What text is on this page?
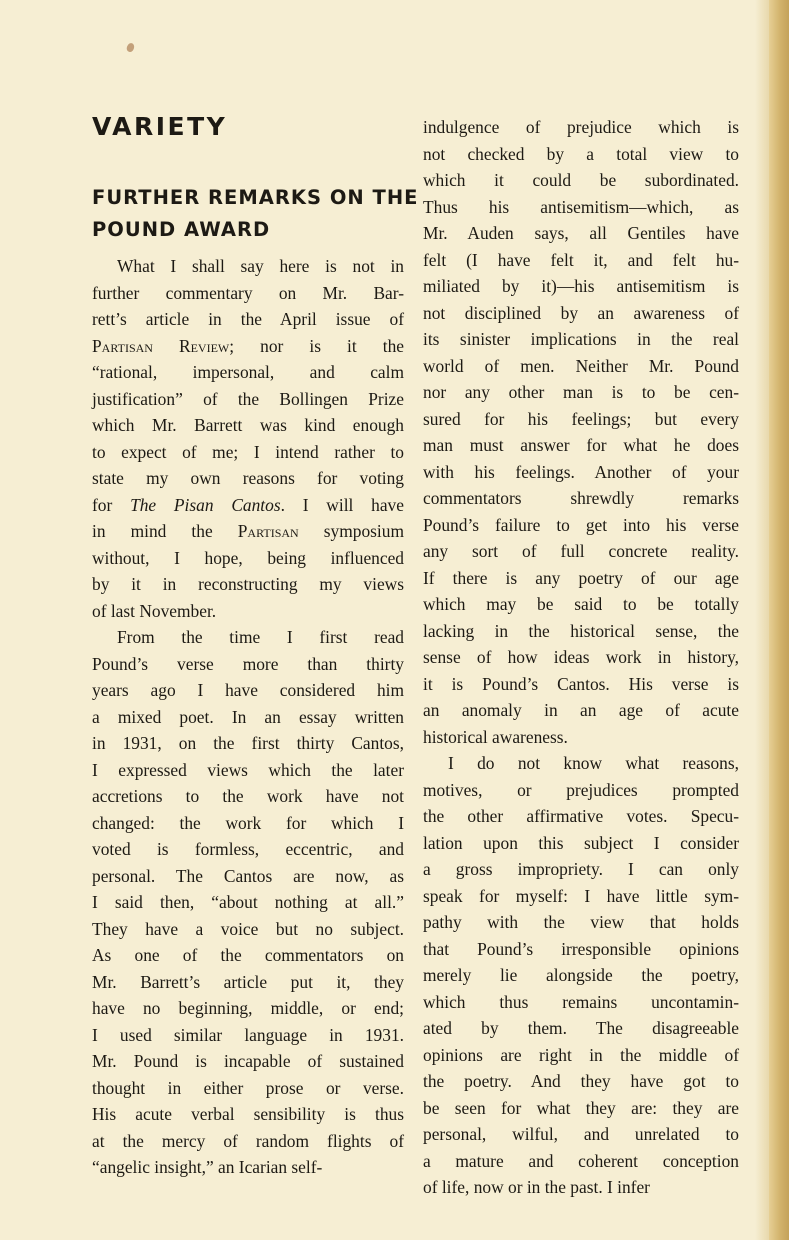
VARIETY
FURTHER REMARKS ON THE
POUND AWARD
What I shall say here is not in
further commentary on Mr. Bar-
rett’s article in the April issue of
Partisan Review; nor is it the
“rational, impersonal, and calm
justification” of the Bollingen Prize
which Mr. Barrett was kind enough
to expect of me; I intend rather to
state my own reasons for voting
for The Pisan Cantos. I will have
in mind the Partisan symposium
without, I hope, being influenced
by it in reconstructing my views
of last November.
From the time I first read
Pound’s verse more than thirty
years ago I have considered him
a mixed poet. In an essay written
in 1931, on the first thirty Cantos,
I expressed views which the later
accretions to the work have not
changed: the work for which I
voted is formless, eccentric, and
personal. The Cantos are now, as
I said then, “about nothing at all.”
They have a voice but no subject.
As one of the commentators on
Mr. Barrett’s article put it, they
have no beginning, middle, or end;
I used similar language in 1931.
Mr. Pound is incapable of sustained
thought in either prose or verse.
His acute verbal sensibility is thus
at the mercy of random flights of
“angelic insight,” an Icarian self-
indulgence of prejudice which is
not checked by a total view to
which it could be subordinated.
Thus his antisemitism—which, as
Mr. Auden says, all Gentiles have
felt (I have felt it, and felt hu-
miliated by it)—his antisemitism is
not disciplined by an awareness of
its sinister implications in the real
world of men. Neither Mr. Pound
nor any other man is to be cen-
sured for his feelings; but every
man must answer for what he does
with his feelings. Another of your
commentators shrewdly remarks
Pound’s failure to get into his verse
any sort of full concrete reality.
If there is any poetry of our age
which may be said to be totally
lacking in the historical sense, the
sense of how ideas work in history,
it is Pound’s Cantos. His verse is
an anomaly in an age of acute
historical awareness.
I do not know what reasons,
motives, or prejudices prompted
the other affirmative votes. Specu-
lation upon this subject I consider
a gross impropriety. I can only
speak for myself: I have little sym-
pathy with the view that holds
that Pound’s irresponsible opinions
merely lie alongside the poetry,
which thus remains uncontamin-
ated by them. The disagreeable
opinions are right in the middle of
the poetry. And they have got to
be seen for what they are: they are
personal, wilful, and unrelated to
a mature and coherent conception
of life, now or in the past. I infer
